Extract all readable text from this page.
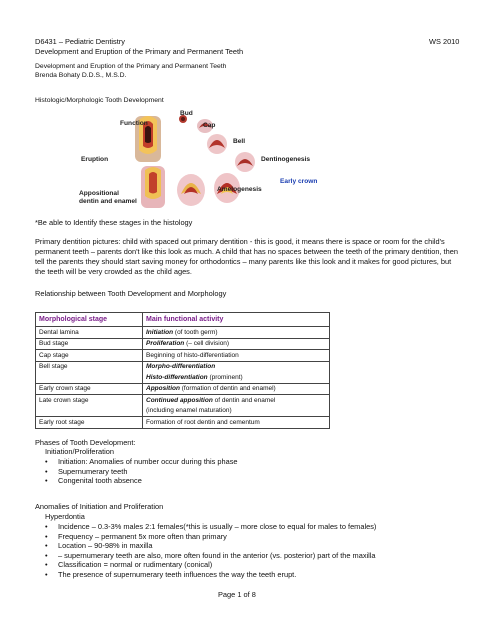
D6431 – Pediatric Dentistry	WS 2010
Development and Eruption of the Primary and Permanent Teeth
Development and Eruption of the Primary and Permanent Teeth
Brenda Bohaty D.D.S., M.S.D.
Histologic/Morphologic Tooth Development
Function
Bud
Cap
Bell
Eruption	Dentinogenesis
Early crown
Amelogenesis
Appositional
dentin and enamel
*Be able to Identify these stages in the histology
Primary dentition pictures: child with spaced out primary dentition - this is good, it means there is space or room for the child's permanent teeth – parents don't like this look as much. A child that has no spaces between the teeth of the primary dentition, then tell the parents they should start saving money for orthodontics – many parents like this look and it makes for good pictures, but the teeth will be very crowded as the child ages.
Relationship between Tooth Development and Morphology
Morphological stage	Main functional activity
Dental lamina	Initiation (of tooth germ)
Bud stage	Proliferation (– cell division)
Cap stage	Beginning of histo-differentiation
Bell stage	Morpho-differentiation
	Histo-differentiation (prominent)
Early crown stage	Apposition (formation of dentin and enamel)
Late crown stage	Continued apposition of dentin and enamel
	(including enamel maturation)
Early root stage	Formation of root dentin and cementum
Phases of Tooth Development:
Initiation/Proliferation
• Initiation: Anomalies of number occur during this phase
• Supernumerary teeth
• Congenital tooth absence
Anomalies of Initiation and Proliferation
Hyperdontia
• Incidence – 0.3-3% males 2:1 females(*this is usually – more close to equal for males to females)
• Frequency – permanent 5x more often than primary
• Location – 90-98% in maxilla
• – supernumerary teeth are also, more often found in the anterior (vs. posterior) part of the maxilla
• Classification = normal or rudimentary (conical)
• The presence of supernumerary teeth influences the way the teeth erupt.
Page 1 of 8
